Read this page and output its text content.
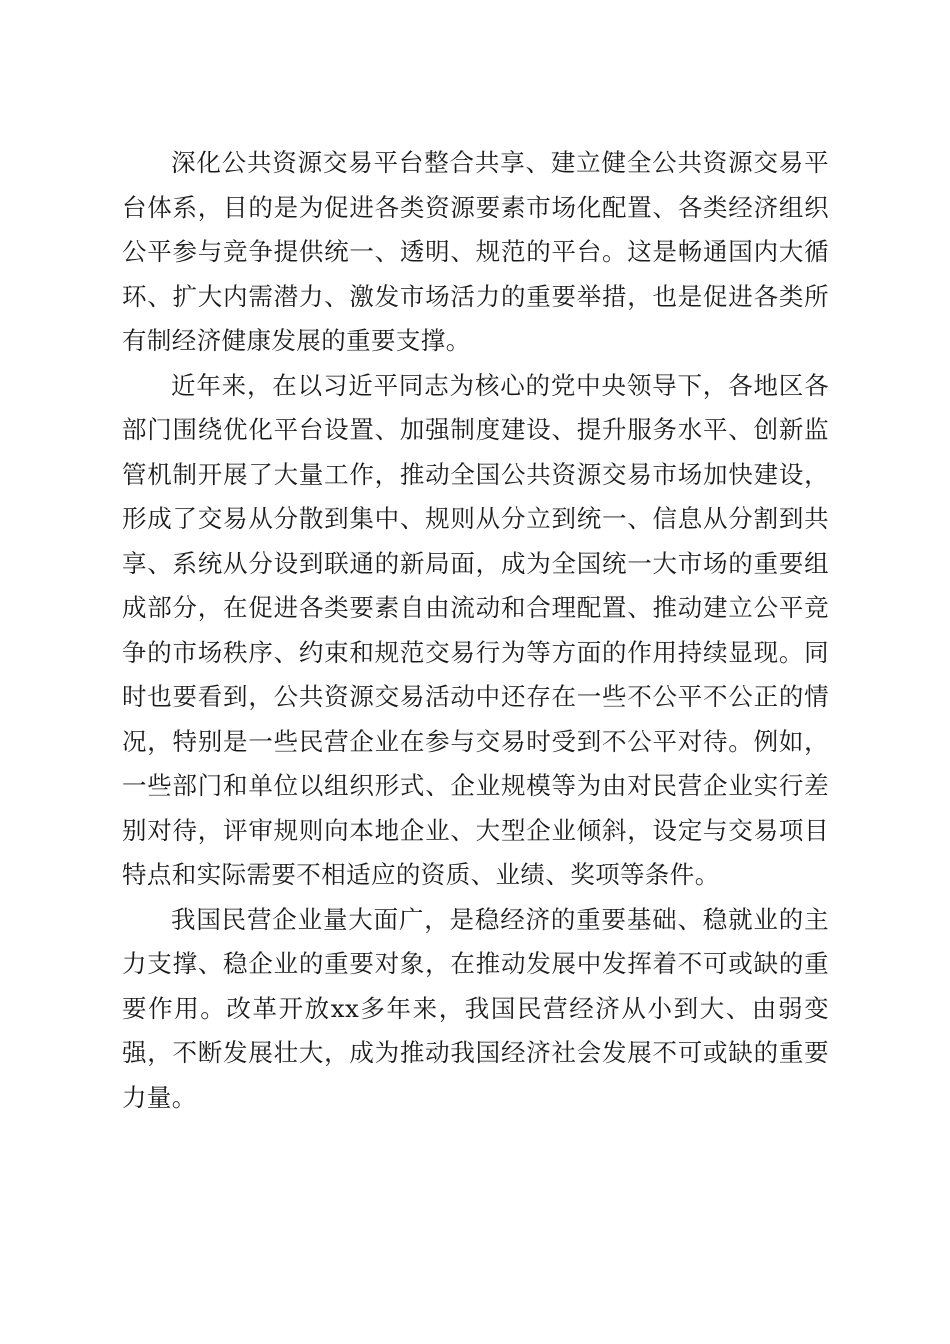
深化公共资源交易平台整合共享、建立健全公共资源交易平台体系，目的是为促进各类资源要素市场化配置、各类经济组织公平参与竞争提供统一、透明、规范的平台。这是畅通国内大循环、扩大内需潜力、激发市场活力的重要举措，也是促进各类所有制经济健康发展的重要支撑。

近年来，在以习近平同志为核心的党中央领导下，各地区各部门围绕优化平台设置、加强制度建设、提升服务水平、创新监管机制开展了大量工作，推动全国公共资源交易市场加快建设，形成了交易从分散到集中、规则从分立到统一、信息从分割到共享、系统从分设到联通的新局面，成为全国统一大市场的重要组成部分，在促进各类要素自由流动和合理配置、推动建立公平竞争的市场秩序、约束和规范交易行为等方面的作用持续显现。同时也要看到，公共资源交易活动中还存在一些不公平不公正的情况，特别是一些民营企业在参与交易时受到不公平对待。例如，一些部门和单位以组织形式、企业规模等为由对民营企业实行差别对待，评审规则向本地企业、大型企业倾斜，设定与交易项目特点和实际需要不相适应的资质、业绩、奖项等条件。

我国民营企业量大面广，是稳经济的重要基础、稳就业的主力支撑、稳企业的重要对象，在推动发展中发挥着不可或缺的重要作用。改革开放xx多年来，我国民营经济从小到大、由弱变强，不断发展壮大，成为推动我国经济社会发展不可或缺的重要力量。
